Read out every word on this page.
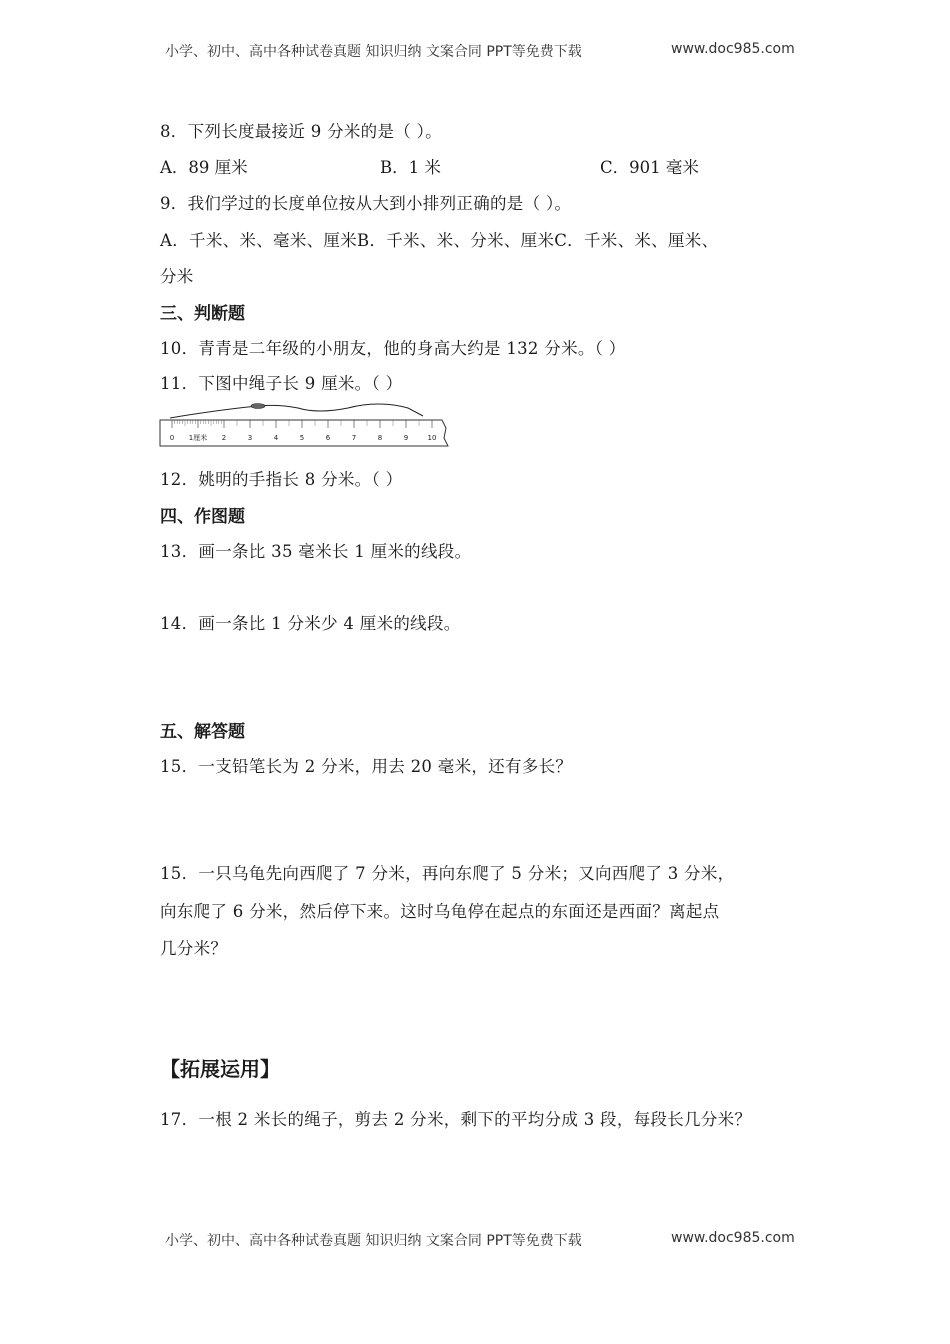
小学、初中、高中各种试卷真题 知识归纳 文案合同 PPT等免费下载	www.doc985.com
8．下列长度最接近 9 分米的是（ ）。
A．89 厘米	B．1 米	C．901 毫米
9．我们学过的长度单位按从大到小排列正确的是（ ）。
A．千米、米、毫米、厘米B．千米、米、分米、厘米C．千米、米、厘米、
分米
三、判断题
10．青青是二年级的小朋友，他的身高大约是 132 分米。（ ）
11．下图中绳子长 9 厘米。（ ）
0 1厘米 2	3	4	5	6	7	8	9	10
12．姚明的手指长 8 分米。（ ）
四、作图题
13．画一条比 35 毫米长 1 厘米的线段。
14．画一条比 1 分米少 4 厘米的线段。
五、解答题
15．一支铅笔长为 2 分米，用去 20 毫米，还有多长？
15．一只乌龟先向西爬了 7 分米，再向东爬了 5 分米；又向西爬了 3 分米，
向东爬了 6 分米，然后停下来。这时乌龟停在起点的东面还是西面？离起点
几分米？
【拓展运用】
17．一根 2 米长的绳子，剪去 2 分米，剩下的平均分成 3 段，每段长几分米？
小学、初中、高中各种试卷真题 知识归纳 文案合同 PPT等免费下载	www.doc985.com
